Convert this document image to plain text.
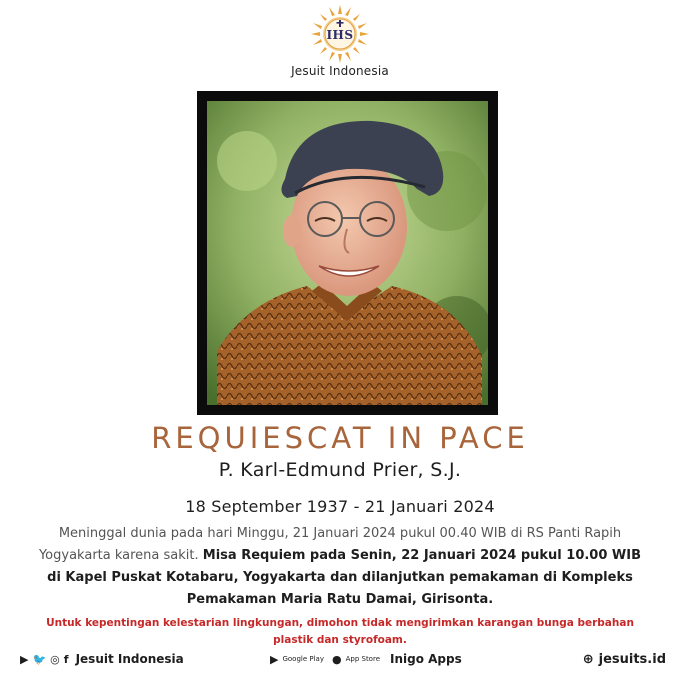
IHS
Jesuit Indonesia
REQUIESCAT IN PACE
P. Karl-Edmund Prier, S.J.
18 September 1937 - 21 Januari 2024
Meninggal dunia pada hari Minggu, 21 Januari 2024 pukul 00.40 WIB di RS Panti Rapih Yogyakarta karena sakit. Misa Requiem pada Senin, 22 Januari 2024 pukul 10.00 WIB di Kapel Puskat Kotabaru, Yogyakarta dan dilanjutkan pemakaman di Kompleks Pemakaman Maria Ratu Damai, Girisonta.
Untuk kepentingan kelestarian lingkungan, dimohon tidak mengirimkan karangan bunga berbahan plastik dan styrofoam.
▶ 🐦 ◎ f Jesuit Indonesia	▶ Google Play ● App Store Inigo Apps	⊕ jesuits.id
